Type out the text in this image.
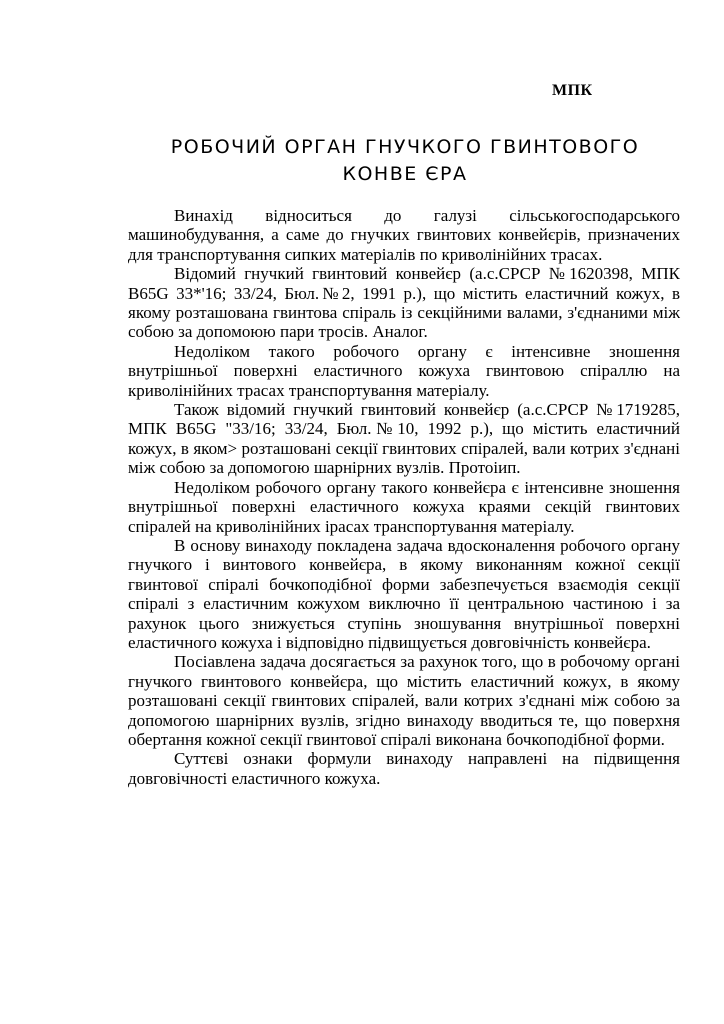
МПК
РОБОЧИЙ ОРГАН ГНУЧКОГО ГВИНТОВОГО
КОНВЕ ЄРА

Винахід відноситься до галузі сільськогосподарського машинобудування, а саме до гнучких гвинтових конвейєрів, призначених для транспортування сипких матеріалів по криволінійних трасах.

Відомий гнучкий гвинтовий конвейєр (а.с.СРСР №1620398, МПК В65G 33*'16; 33/24, Бюл.№2, 1991 р.), що містить еластичний кожух, в якому розташована гвинтова спіраль із секційними валами, з'єднаними між собою за допомоюю пари тросів. Аналог.

Недоліком такого робочого органу є інтенсивне зношення внутрішньої поверхні еластичного кожуха гвинтовою спіраллю на криволінійних трасах транспортування матеріалу.

Також відомий гнучкий гвинтовий конвейєр (а.с.СРСР №1719285, МПК В65G "33/16; 33/24, Бюл.№10, 1992 р.), що містить еластичний кожух, в яком> розташовані секції гвинтових спіралей, вали котрих з'єднані між собою за допомогою шарнірних вузлів. Протоіип.

Недоліком робочого органу такого конвейєра є інтенсивне зношення внутрішньої поверхні еластичного кожуха краями секцій гвинтових спіралей на криволінійних ірасах транспортування матеріалу.

В основу винаходу покладена задача вдосконалення робочого органу гнучкого і винтового конвейєра, в якому виконанням кожної секції гвинтової спіралі бочкоподібної форми забезпечується взаємодія секції спіралі з еластичним кожухом виключно її центральною частиною і за рахунок цього знижується ступінь зношування внутрішньої поверхні еластичного кожуха і відповідно підвищується довговічність конвейєра.

Посіавлена задача досягається за рахунок того, що в робочому органі гнучкого гвинтового конвейєра, що містить еластичний кожух, в якому розташовані секції гвинтових спіралей, вали котрих з'єднані між собою за допомогою шарнірних вузлів, згідно винаходу вводиться те, що поверхня обертання кожної секції гвинтової спіралі виконана бочкоподібної форми.

Суттєві ознаки формули винаходу направлені на підвищення довговічності еластичного кожуха.
